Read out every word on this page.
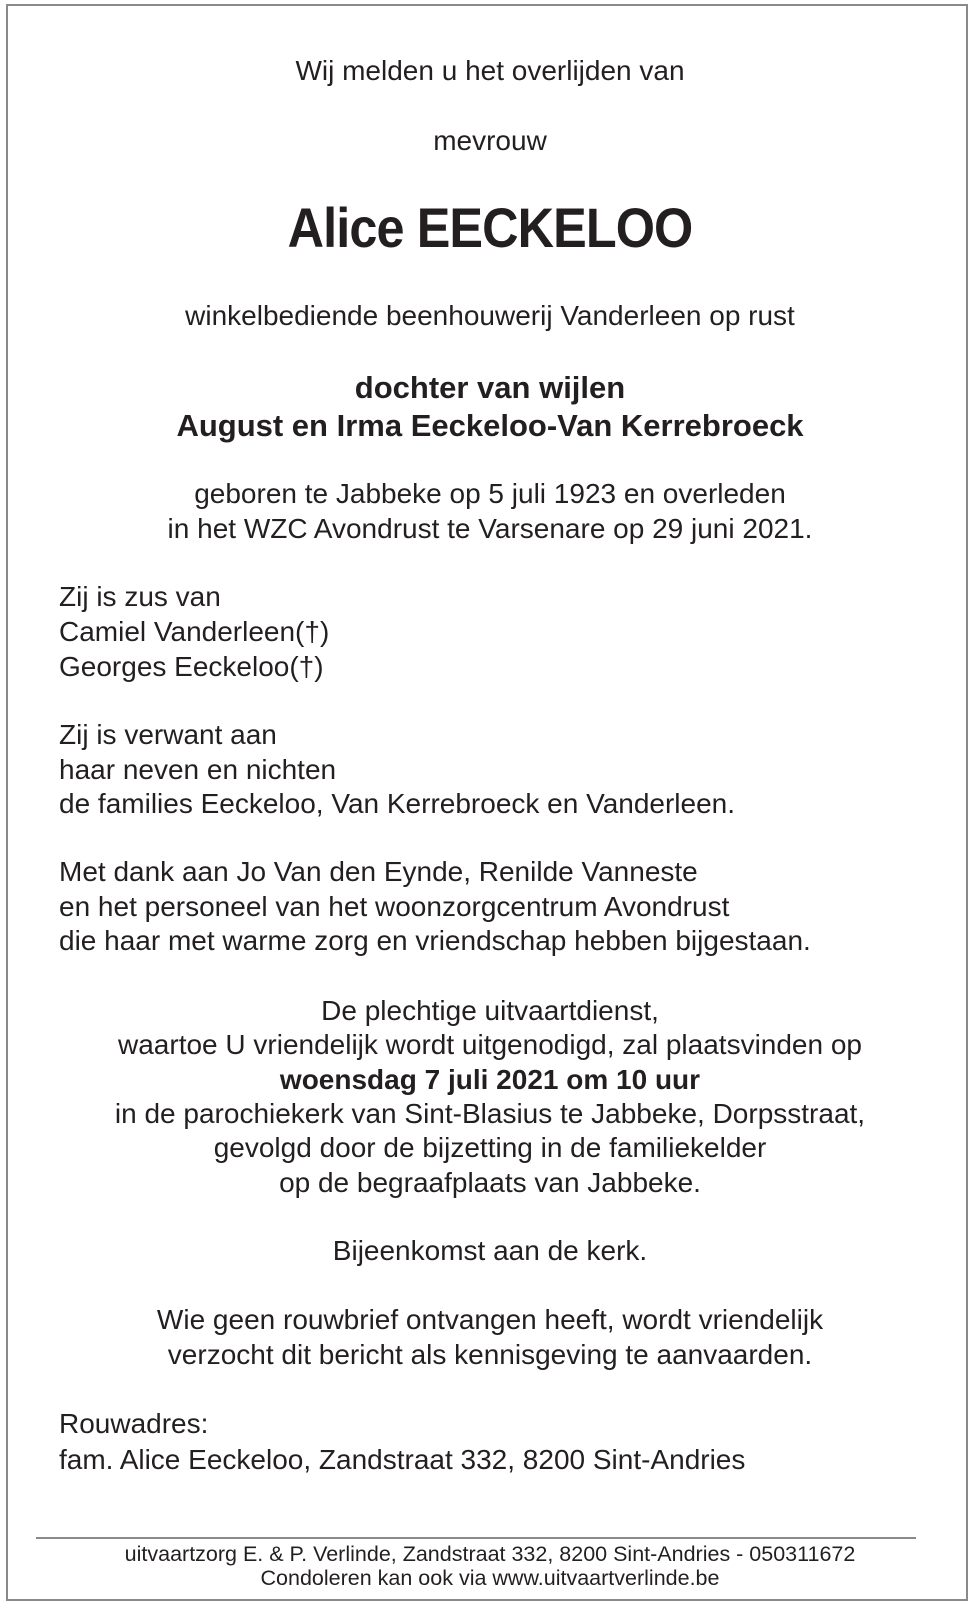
Wij melden u het overlijden van
mevrouw
Alice EECKELOO
winkelbediende beenhouwerij Vanderleen op rust
dochter van wijlen
August en Irma Eeckeloo-Van Kerrebroeck
geboren te Jabbeke op 5 juli 1923 en overleden
in het WZC Avondrust te Varsenare op 29 juni 2021.
Zij is zus van
Camiel Vanderleen(†)
Georges Eeckeloo(†)
Zij is verwant aan
haar neven en nichten
de families Eeckeloo, Van Kerrebroeck en Vanderleen.
Met dank aan Jo Van den Eynde, Renilde Vanneste
en het personeel van het woonzorgcentrum Avondrust
die haar met warme zorg en vriendschap hebben bijgestaan.
De plechtige uitvaartdienst,
waartoe U vriendelijk wordt uitgenodigd, zal plaatsvinden op
woensdag 7 juli 2021 om 10 uur
in de parochiekerk van Sint-Blasius te Jabbeke, Dorpsstraat,
gevolgd door de bijzetting in de familiekelder
op de begraafplaats van Jabbeke.
Bijeenkomst aan de kerk.
Wie geen rouwbrief ontvangen heeft, wordt vriendelijk
verzocht dit bericht als kennisgeving te aanvaarden.
Rouwadres:
fam. Alice Eeckeloo, Zandstraat 332, 8200 Sint-Andries
uitvaartzorg E. & P. Verlinde, Zandstraat 332, 8200 Sint-Andries - 050311672
Condoleren kan ook via www.uitvaartverlinde.be
